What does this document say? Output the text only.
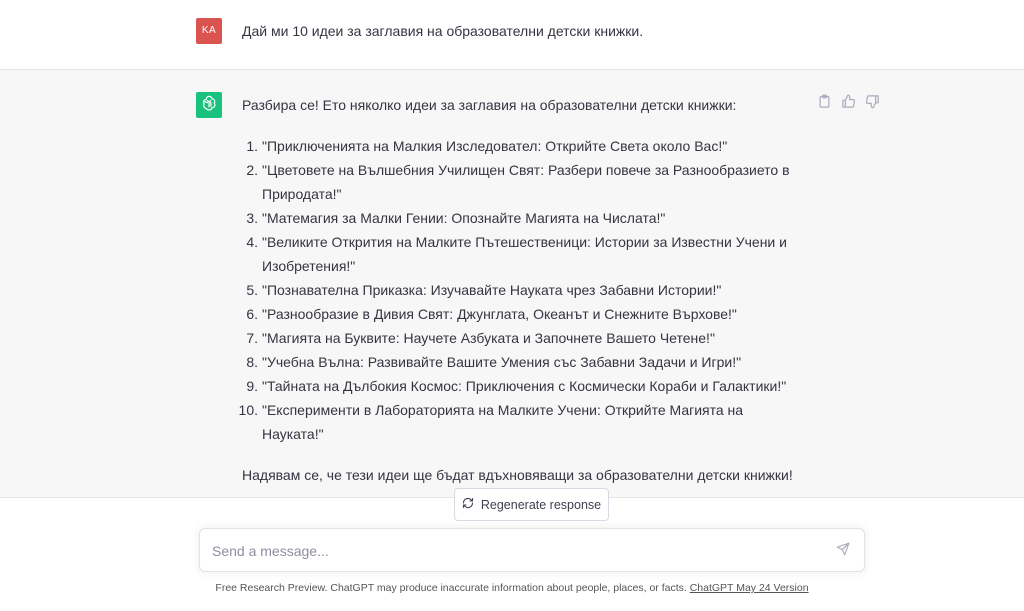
KA	Дай ми 10 идеи за заглавия на образователни детски книжки.

Разбира се! Ето няколко идеи за заглавия на образователни детски книжки:

1. "Приключенията на Малкия Изследовател: Открийте Света около Вас!"
2. "Цветовете на Вълшебния Училищен Свят: Разбери повече за Разнообразието в Природата!"
3. "Матемагия за Малки Гении: Опознайте Магията на Числата!"
4. "Великите Открития на Малките Пътешественици: Истории за Известни Учени и Изобретения!"
5. "Познавателна Приказка: Изучавайте Науката чрез Забавни Истории!"
6. "Разнообразие в Дивия Свят: Джунглата, Океанът и Снежните Върхове!"
7. "Магията на Буквите: Научете Азбуката и Започнете Вашето Четене!"
8. "Учебна Вълна: Развивайте Вашите Умения със Забавни Задачи и Игри!"
9. "Тайната на Дълбокия Космос: Приключения с Космически Кораби и Галактики!"
10. "Експерименти в Лабораторията на Малките Учени: Открийте Магията на Науката!"

Надявам се, че тези идеи ще бъдат вдъхновяващи за образователни детски книжки!

Regenerate response
Send a message...
Free Research Preview. ChatGPT may produce inaccurate information about people, places, or facts. ChatGPT May 24 Version
